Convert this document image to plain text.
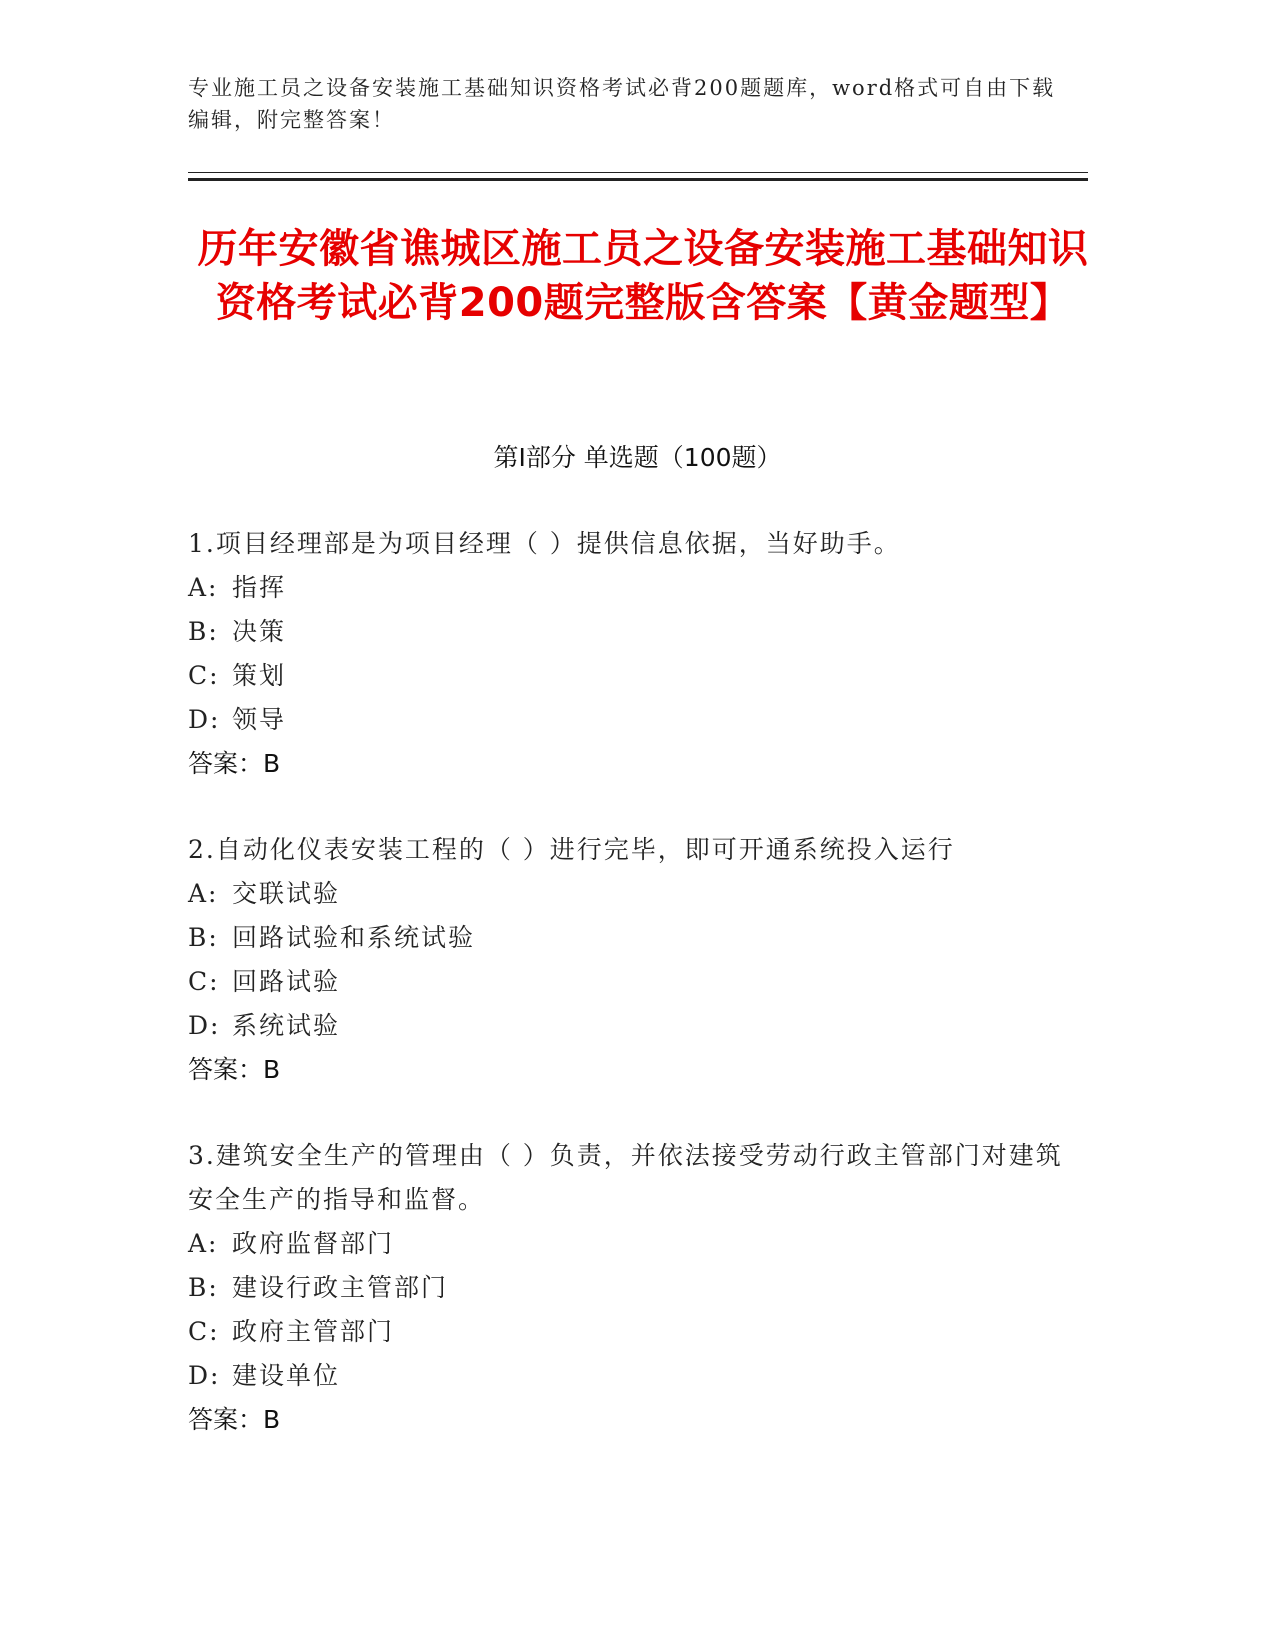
专业施工员之设备安装施工基础知识资格考试必背200题题库，word格式可自由下载编辑，附完整答案！
历年安徽省谯城区施工员之设备安装施工基础知识资格考试必背200题完整版含答案【黄金题型】
第Ⅰ部分 单选题（100题）
1.项目经理部是为项目经理（ ）提供信息依据，当好助手。
A: 指挥
B: 决策
C: 策划
D: 领导
答案：B
2.自动化仪表安装工程的（ ）进行完毕，即可开通系统投入运行
A: 交联试验
B: 回路试验和系统试验
C: 回路试验
D: 系统试验
答案：B
3.建筑安全生产的管理由（ ）负责，并依法接受劳动行政主管部门对建筑安全生产的指导和监督。
A: 政府监督部门
B: 建设行政主管部门
C: 政府主管部门
D: 建设单位
答案：B
